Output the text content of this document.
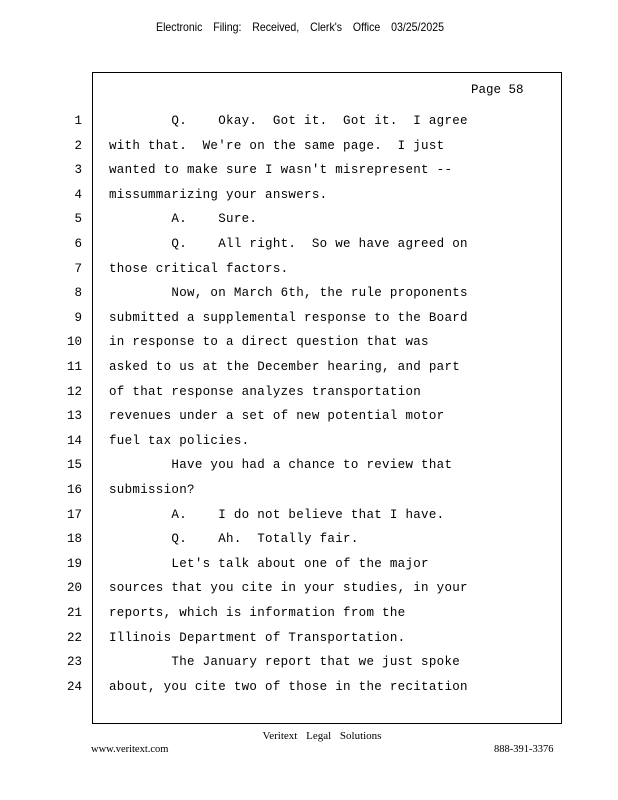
Electronic Filing: Received, Clerk's Office 03/25/2025
Page 58
1 Q.    Okay.  Got it.  Got it.  I agree
2 with that.  We're on the same page.  I just
3 wanted to make sure I wasn't misrepresent --
4 missummarizing your answers.
5 A.    Sure.
6 Q.    All right.  So we have agreed on
7 those critical factors.
8 Now, on March 6th, the rule proponents
9 submitted a supplemental response to the Board
10 in response to a direct question that was
11 asked to us at the December hearing, and part
12 of that response analyzes transportation
13 revenues under a set of new potential motor
14 fuel tax policies.
15 Have you had a chance to review that
16 submission?
17 A.    I do not believe that I have.
18 Q.    Ah.  Totally fair.
19 Let's talk about one of the major
20 sources that you cite in your studies, in your
21 reports, which is information from the
22 Illinois Department of Transportation.
23 The January report that we just spoke
24 about, you cite two of those in the recitation
Veritext Legal Solutions
www.veritext.com	888-391-3376
